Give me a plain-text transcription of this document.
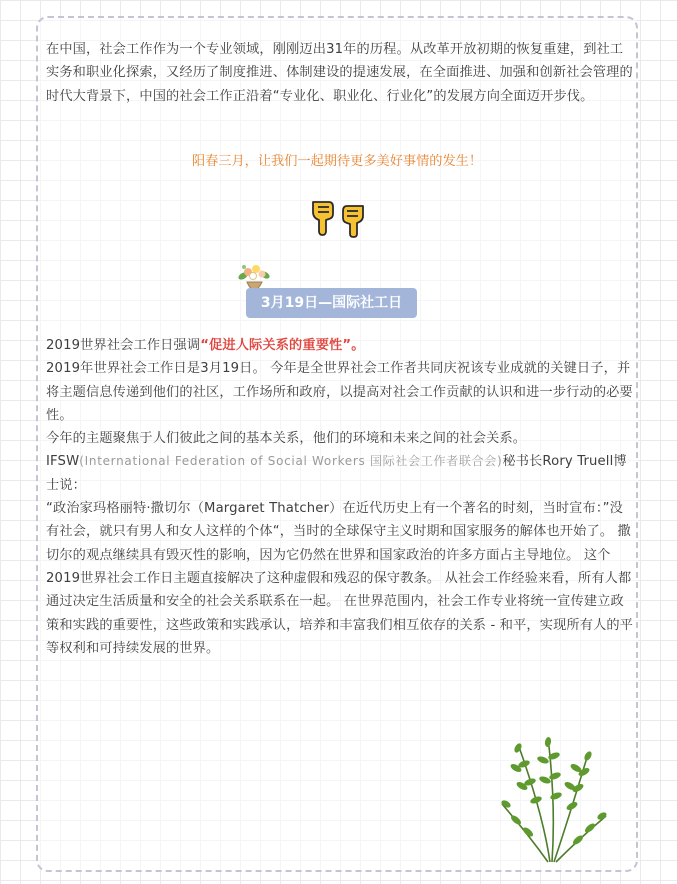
在中国，社会工作作为一个专业领域，刚刚迈出31年的历程。从改革开放初期的恢复重建，到社工实务和职业化探索，又经历了制度推进、体制建设的提速发展，在全面推进、加强和创新社会管理的时代大背景下，中国的社会工作正沿着“专业化、职业化、行业化”的发展方向全面迈开步伐。
阳春三月，让我们一起期待更多美好事情的发生！
3月19日—国际社工日

2019世界社会工作日强调“促进人际关系的重要性”。

2019年世界社会工作日是3月19日。 今年是全世界社会工作者共同庆祝该专业成就的关键日子，并将主题信息传递到他们的社区，工作场所和政府，以提高对社会工作贡献的认识和进一步行动的必要性。

今年的主题聚焦于人们彼此之间的基本关系，他们的环境和未来之间的社会关系。

IFSW(International Federation of Social Workers 国际社会工作者联合会)秘书长Rory Truell博士说：

“政治家玛格丽特·撒切尔（Margaret Thatcher）在近代历史上有一个著名的时刻，当时宣布：”没有社会，就只有男人和女人这样的个体“，当时的全球保守主义时期和国家服务的解体也开始了。 撒切尔的观点继续具有毁灭性的影响，因为它仍然在世界和国家政治的许多方面占主导地位。 这个2019世界社会工作日主题直接解决了这种虚假和残忍的保守教条。 从社会工作经验来看，所有人都通过决定生活质量和安全的社会关系联系在一起。 在世界范围内，社会工作专业将统一宣传建立政策和实践的重要性，这些政策和实践承认，培养和丰富我们相互依存的关系 - 和平，实现所有人的平等权利和可持续发展的世界。
